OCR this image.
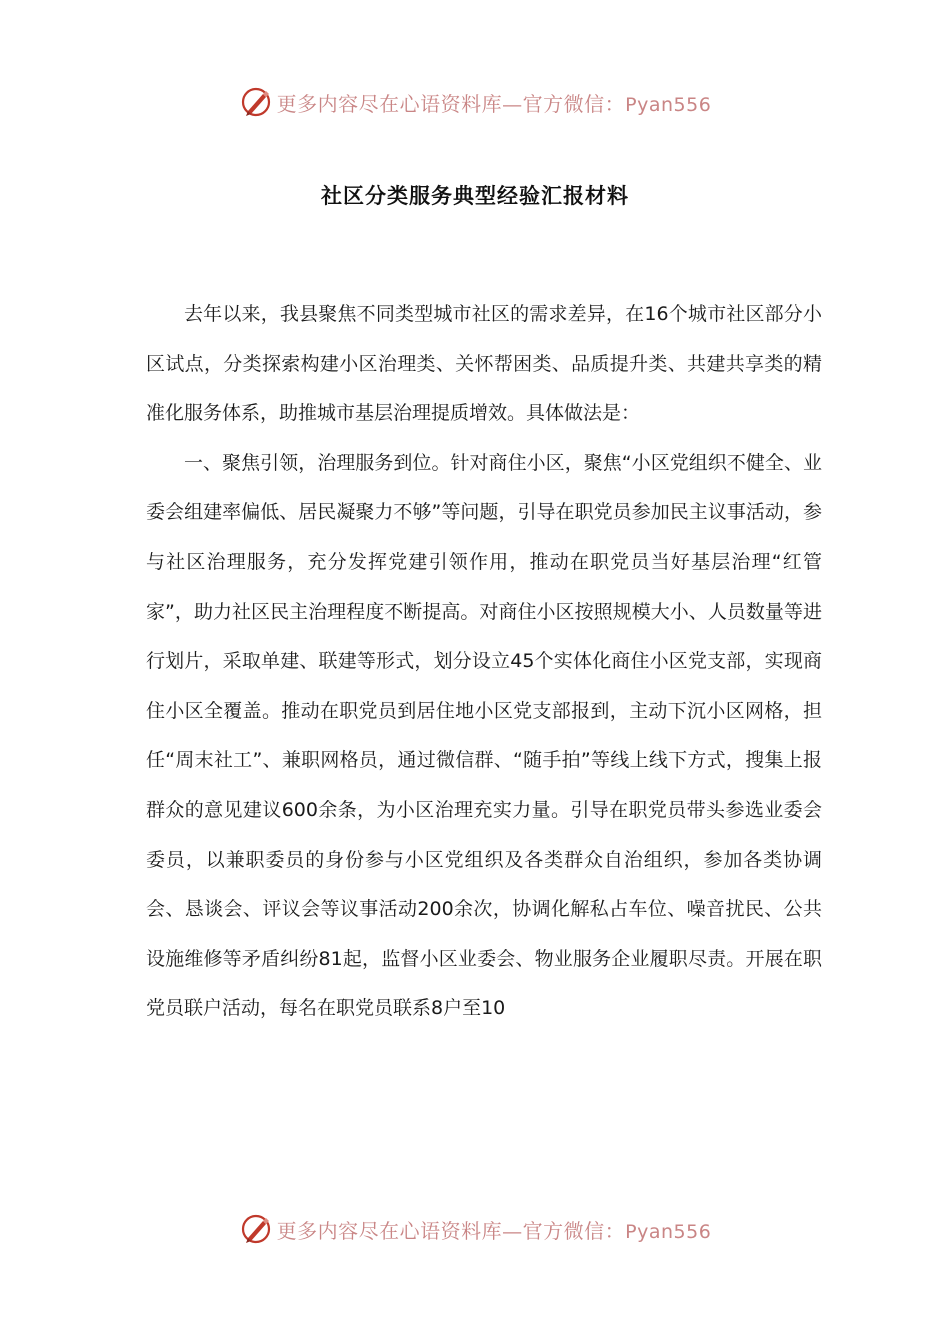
更多内容尽在心语资料库—官方微信：Pyan556
社区分类服务典型经验汇报材料

去年以来，我县聚焦不同类型城市社区的需求差异，在16个城市社区部分小区试点，分类探索构建小区治理类、关怀帮困类、品质提升类、共建共享类的精准化服务体系，助推城市基层治理提质增效。具体做法是：

一、聚焦引领，治理服务到位。针对商住小区，聚焦“小区党组织不健全、业委会组建率偏低、居民凝聚力不够”等问题，引导在职党员参加民主议事活动，参与社区治理服务，充分发挥党建引领作用，推动在职党员当好基层治理“红管家”，助力社区民主治理程度不断提高。对商住小区按照规模大小、人员数量等进行划片，采取单建、联建等形式，划分设立45个实体化商住小区党支部，实现商住小区全覆盖。推动在职党员到居住地小区党支部报到，主动下沉小区网格，担任“周末社工”、兼职网格员，通过微信群、“随手拍”等线上线下方式，搜集上报群众的意见建议600余条，为小区治理充实力量。引导在职党员带头参选业委会委员，以兼职委员的身份参与小区党组织及各类群众自治组织，参加各类协调会、恳谈会、评议会等议事活动200余次，协调化解私占车位、噪音扰民、公共设施维修等矛盾纠纷81起，监督小区业委会、物业服务企业履职尽责。开展在职党员联户活动，每名在职党员联系8户至10

更多内容尽在心语资料库—官方微信：Pyan556
